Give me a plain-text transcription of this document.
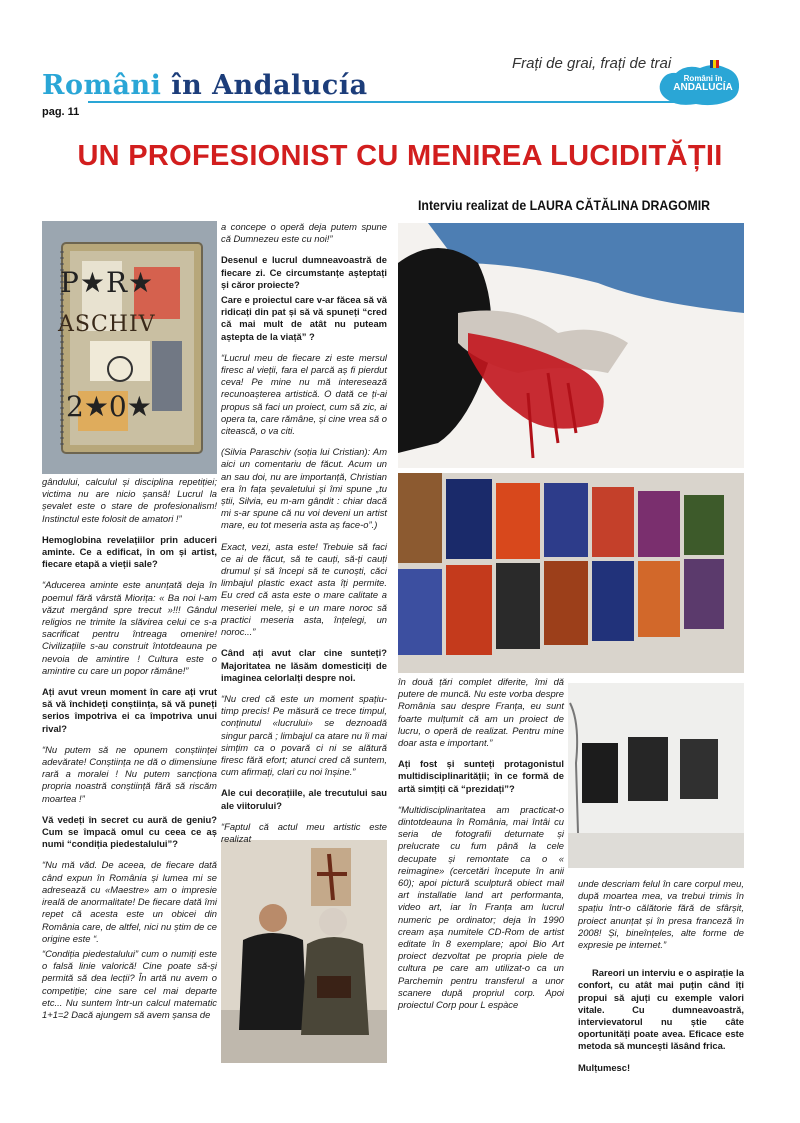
Români în Andalucía
pag. 11
Frați de grai, frați de trai
Români în
ANDALUCÍA
UN PROFESIONIST CU MENIREA LUCIDITĂȚII
Interviu realizat de LAURA CĂTĂLINA DRAGOMIR
P★R★
ASCHIV
2★0★

gândului, calculul și disciplina repetiției; victima nu are nicio șansă! Lucrul la șevalet este o stare de profesionalism! Instinctul este folosit de amatori !”

Hemoglobina revelațiilor prin aduceri aminte. Ce a edificat, în om și artist, fiecare etapă a vieții sale?

“Aducerea aminte este anunțată deja în poemul fără vârstă Miorița: « Ba noi l-am văzut mergând spre trecut »!!! Gândul religios ne trimite la slăvirea celui ce s-a sacrificat pentru întreaga omenire! Civilizațiile s-au construit întotdeauna pe nevoia de amintire ! Cultura este o amintire cu care un popor rămâne!”

Ați avut vreun moment în care ați vrut să vă închideți conștiința, să vă puneți serios împotriva ei ca împotriva unui rival?

“Nu putem să ne opunem conștiinței adevărate! Conștiința ne dă o dimensiune rară a moralei ! Nu putem sancționa propria noastră conștiință fără să riscăm moartea !”

Vă vedeți în secret cu aură de geniu? Cum se împacă omul cu ceea ce aș numi “condiția piedestalului”?

“Nu mă văd. De aceea, de fiecare dată când expun în România și lumea mi se adresează cu «Maestre» am o impresie ireală de anormalitate! De fiecare dată îmi repet că acesta este un obicei din România care, de altfel, nici nu știm de ce origine este “.

“Condiția piedestalului” cum o numiți este o falsă linie valorică! Cine poate să-și permită să dea lecții? În artă nu avem o competiție; cine sare cel mai departe etc... Nu suntem într-un calcul matematic 1+1=2 Dacă ajungem să avem șansa de

a concepe o operă deja putem spune că Dumnezeu este cu noi!”

Desenul e lucrul dumneavoastră de fiecare zi. Ce circumstanțe așteptați și căror proiecte?

Care e proiectul care v-ar făcea să vă ridicați din pat și să vă spuneți “cred că mai mult de atât nu puteam aștepta de la viață” ?

“Lucrul meu de fiecare zi este mersul firesc al vieții, fara el parcă aș fi pierdut ceva! Pe mine nu mă interesează recunoașterea artistică. O dată ce ți-ai propus să faci un proiect, cum să zic, ai opera ta, care rămâne, și cine vrea să o citească, o va citi.

(Silvia Paraschiv (soția lui Cristian): Am aici un comentariu de făcut. Acum un an sau doi, nu are importanță, Christian era în fața șevaletului și îmi spune „tu știi, Silvia, eu m-am gândit : chiar dacă mi s-ar spune că nu voi deveni un artist mare, eu tot meseria asta aș face-o”.)

Exact, vezi, asta este! Trebuie să faci ce ai de făcut, să te cauți, să-ți cauți drumul și să începi să te cunoști, căci limbajul plastic exact asta îți permite. Eu cred că asta este o mare calitate a meseriei mele, și e un mare noroc să practici meseria asta, înțelegi, un noroc...”

Când ați avut clar cine sunteți? Majoritatea ne lăsăm domesticiți de imaginea celorlalți despre noi.

“Nu cred că este un moment spațiu-timp precis! Pe măsură ce trece timpul, conținutul «lucrului» se deznoadă singur parcă ; limbajul ca atare nu îi mai simțim ca o povară ci ni se alătură firesc fără efort; atunci cred că suntem, cum afirmați, clari cu noi înșine.”

Ale cui decorațiile, ale trecutului sau ale viitorului?

“Faptul că actul meu artistic este realizat

în două țări complet diferite, îmi dă putere de muncă. Nu este vorba despre România sau despre Franța, eu sunt foarte mulțumit că am un proiect de lucru, o operă de realizat. Pentru mine doar asta e important.”

Ați fost și sunteți protagonistul multidisciplinarității; în ce formă de artă simțiți că “prezidați”?

“Multidisciplinaritatea am practicat-o dintotdeauna în România, mai întâi cu seria de fotografii deturnate și prelucrate cu fum până la cele decupate și remontate ca o « reimagine» (cercetări începute în anii 60); apoi pictură sculptură obiect mail art installatie land art performanta, video art, iar în Franța am lucrul numeric pe ordinator; deja în 1990 cream așa numitele CD-Rom de artist editate în 8 exemplare; apoi Bio Art proiect dezvoltat pe propria piele de cultura pe care am utilizat-o ca un Parchemin pentru transferul a unor scanere după propriul corp. Apoi proiectul Corp pour L espàce

unde descriam felul în care corpul meu, după moartea mea, va trebui trimis în spațiu într-o călătorie fără de sfârșit, proiect anunțat și în presa franceză în 2008! Și, bineînțeles, alte forme de expresie pe internet.”

Rareori un interviu e o aspirație la confort, cu atât mai puțin când îți propui să ajuți cu exemple valori vitale. Cu dumneavoastră, intervievatorul nu știe câte oportunități poate avea. Eficace este metoda să muncești lăsând frica.

Mulțumesc!
